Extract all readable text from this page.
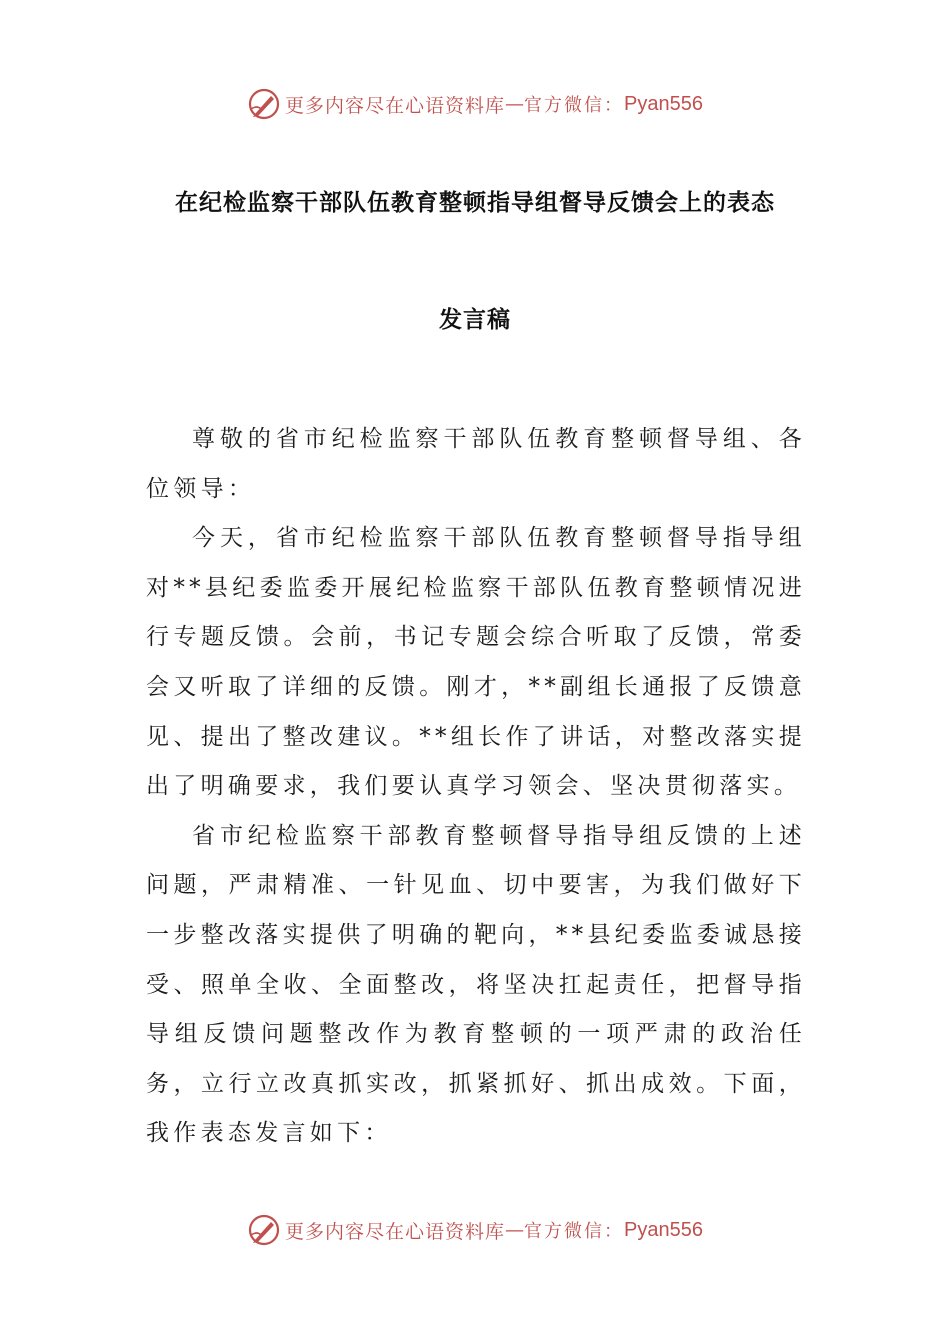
更多内容尽在心语资料库 — 官方微信： Pyan556
在纪检监察干部队伍教育整顿指导组督导反馈会上的表态
发言稿

尊敬的省市纪检监察干部队伍教育整顿督导组、各位领导：

今天，省市纪检监察干部队伍教育整顿督导指导组对**县纪委监委开展纪检监察干部队伍教育整顿情况进行专题反馈。会前，书记专题会综合听取了反馈，常委会又听取了详细的反馈。刚才，**副组长通报了反馈意见、提出了整改建议。**组长作了讲话，对整改落实提出了明确要求，我们要认真学习领会、坚决贯彻落实。

省市纪检监察干部教育整顿督导指导组反馈的上述问题，严肃精准、一针见血、切中要害，为我们做好下一步整改落实提供了明确的靶向，**县纪委监委诚恳接受、照单全收、全面整改，将坚决扛起责任，把督导指导组反馈问题整改作为教育整顿的一项严肃的政治任务，立行立改真抓实改，抓紧抓好、抓出成效。下面，我作表态发言如下：

更多内容尽在心语资料库 — 官方微信： Pyan556
